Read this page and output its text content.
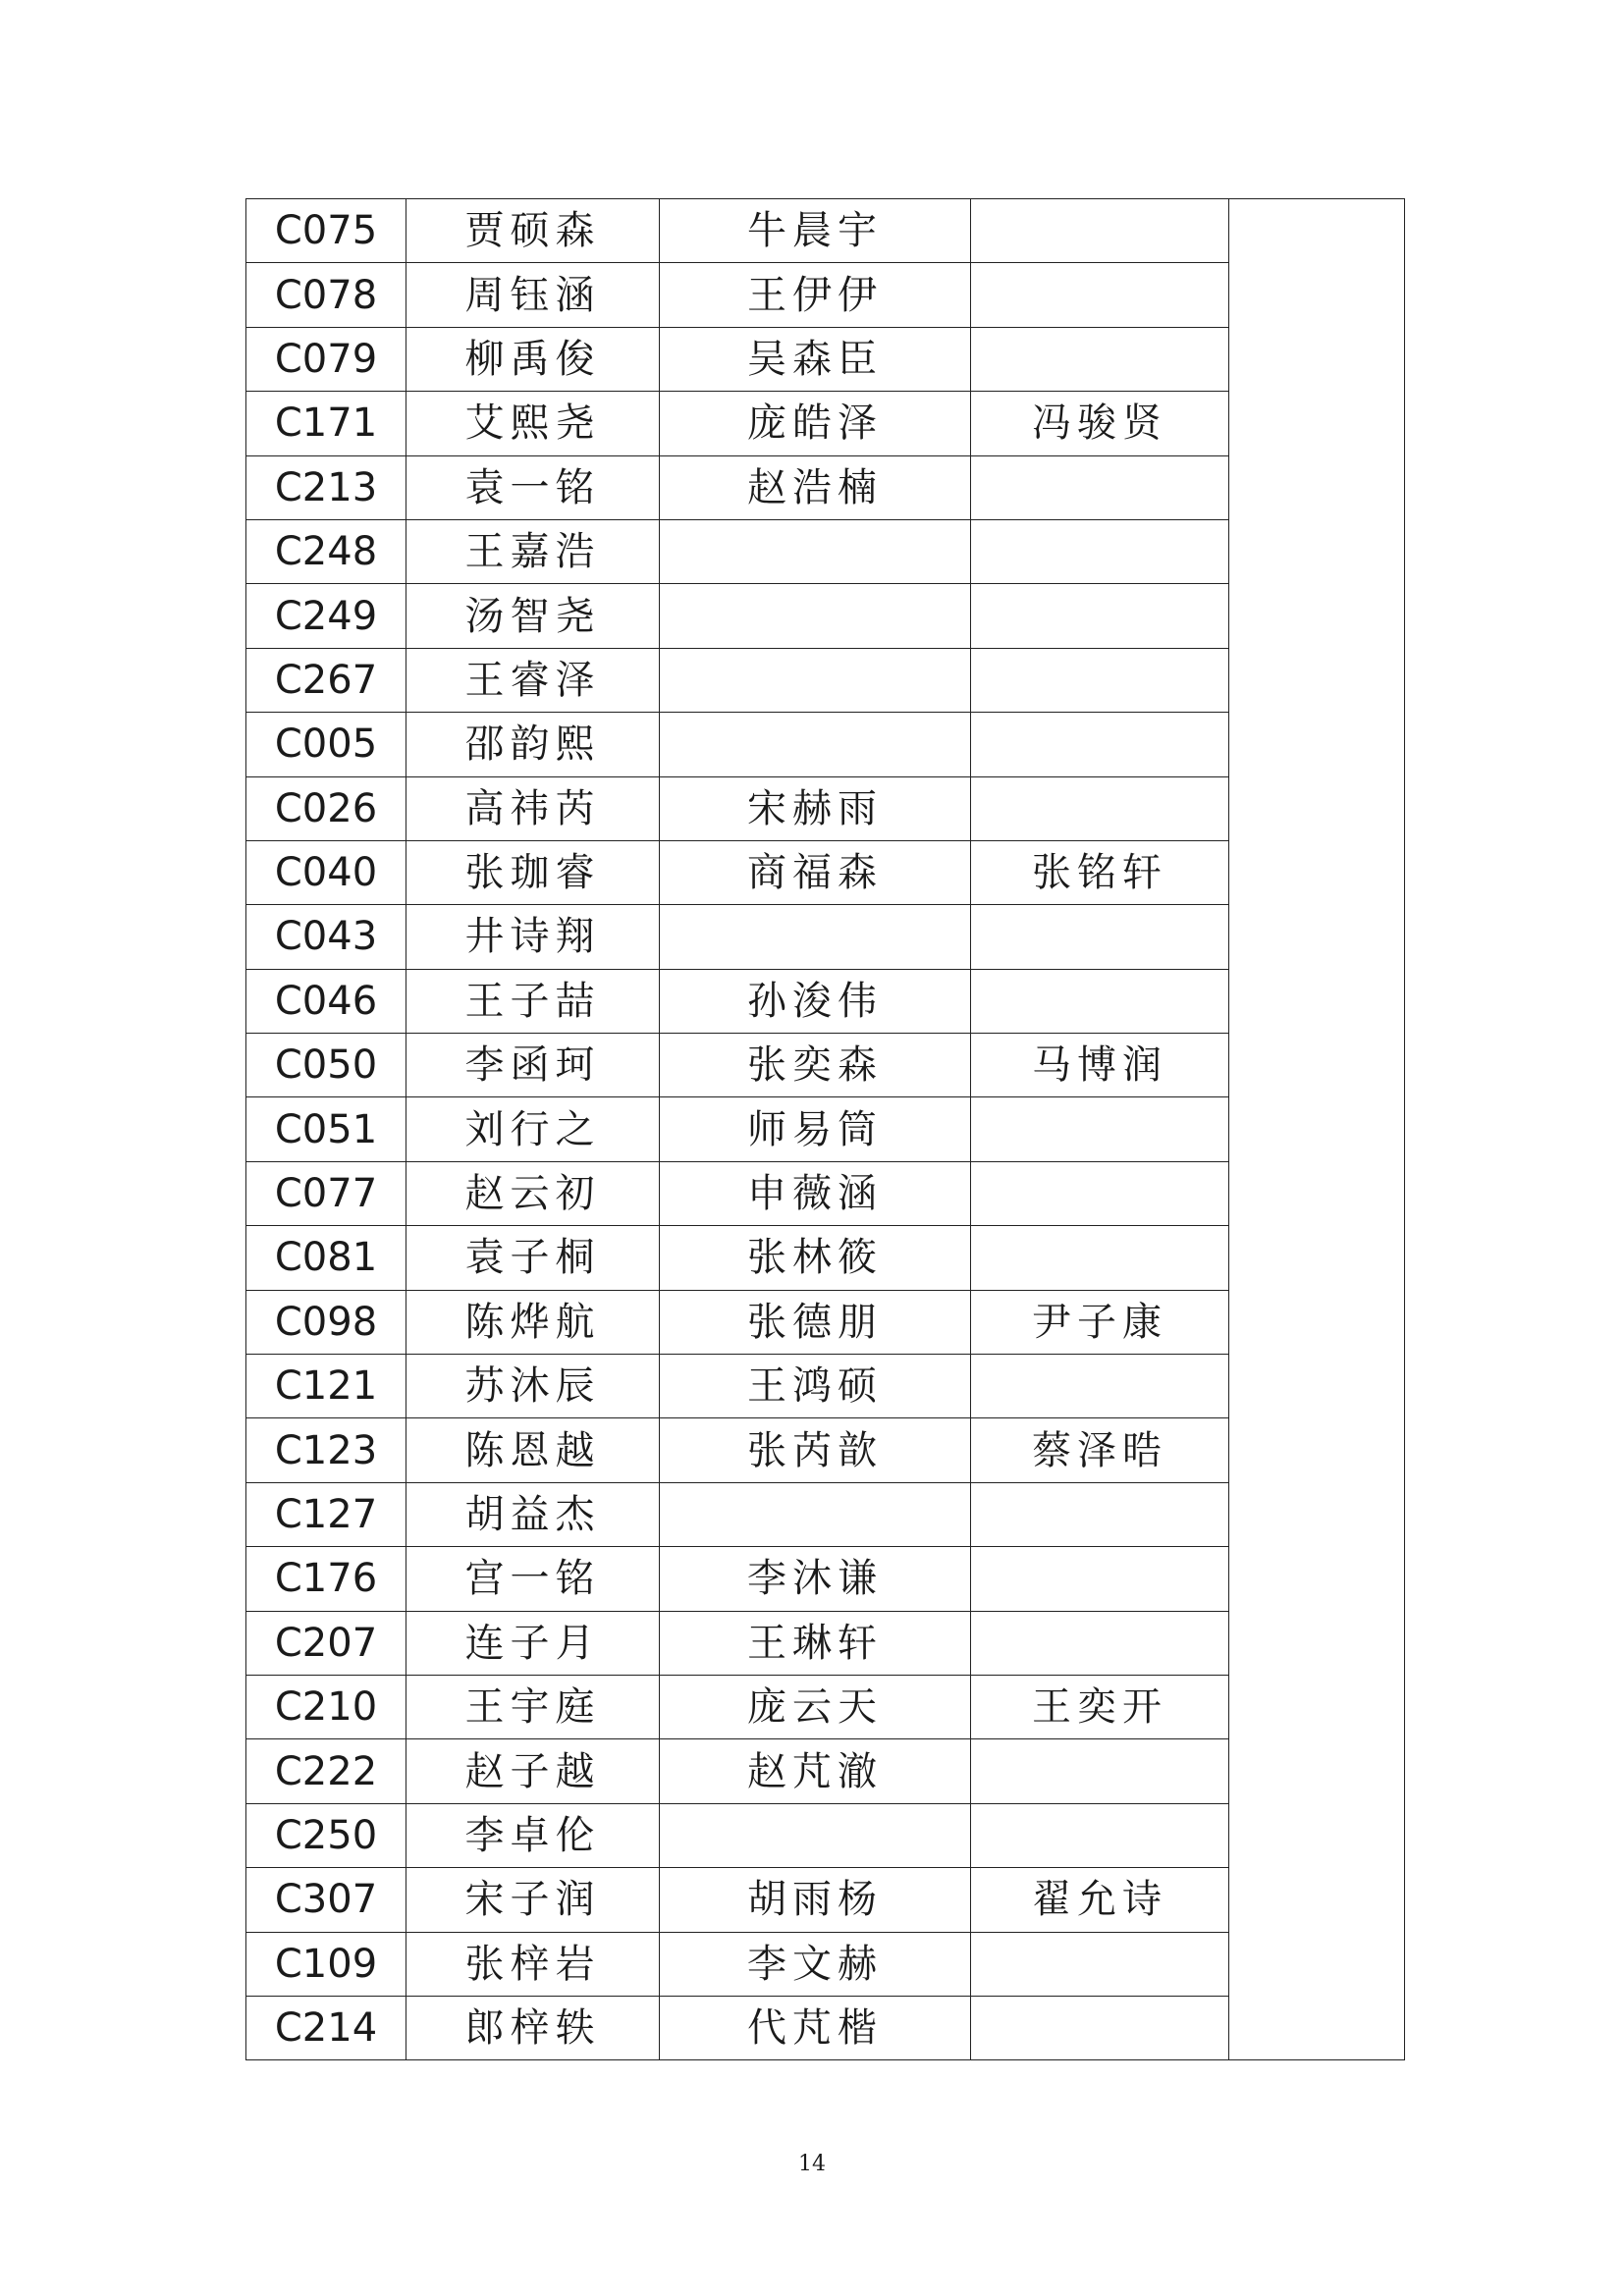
C075	贾硕森	牛晨宇		
C078	周钰涵	王伊伊		
C079	柳禹俊	吴森臣		
C171	艾熙尧	庞皓泽	冯骏贤	
C213	袁一铭	赵浩楠		
C248	王嘉浩			
C249	汤智尧			
C267	王睿泽			
C005	邵韵熙			
C026	高祎芮	宋赫雨		
C040	张珈睿	商福森	张铭轩	
C043	井诗翔			
C046	王子喆	孙浚伟		
C050	李函珂	张奕森	马博润	
C051	刘行之	师易筒		
C077	赵云初	申薇涵		
C081	袁子桐	张林筱		
C098	陈烨航	张德朋	尹子康	
C121	苏沐辰	王鸿硕		
C123	陈恩越	张芮歆	蔡泽晧	
C127	胡益杰			
C176	宫一铭	李沐谦		
C207	连子月	王琳轩		
C210	王宇庭	庞云天	王奕开	
C222	赵子越	赵芃澈		
C250	李卓伦			
C307	宋子润	胡雨杨	翟允诗	
C109	张梓岩	李文赫		
C214	郎梓轶	代芃楷		
14
